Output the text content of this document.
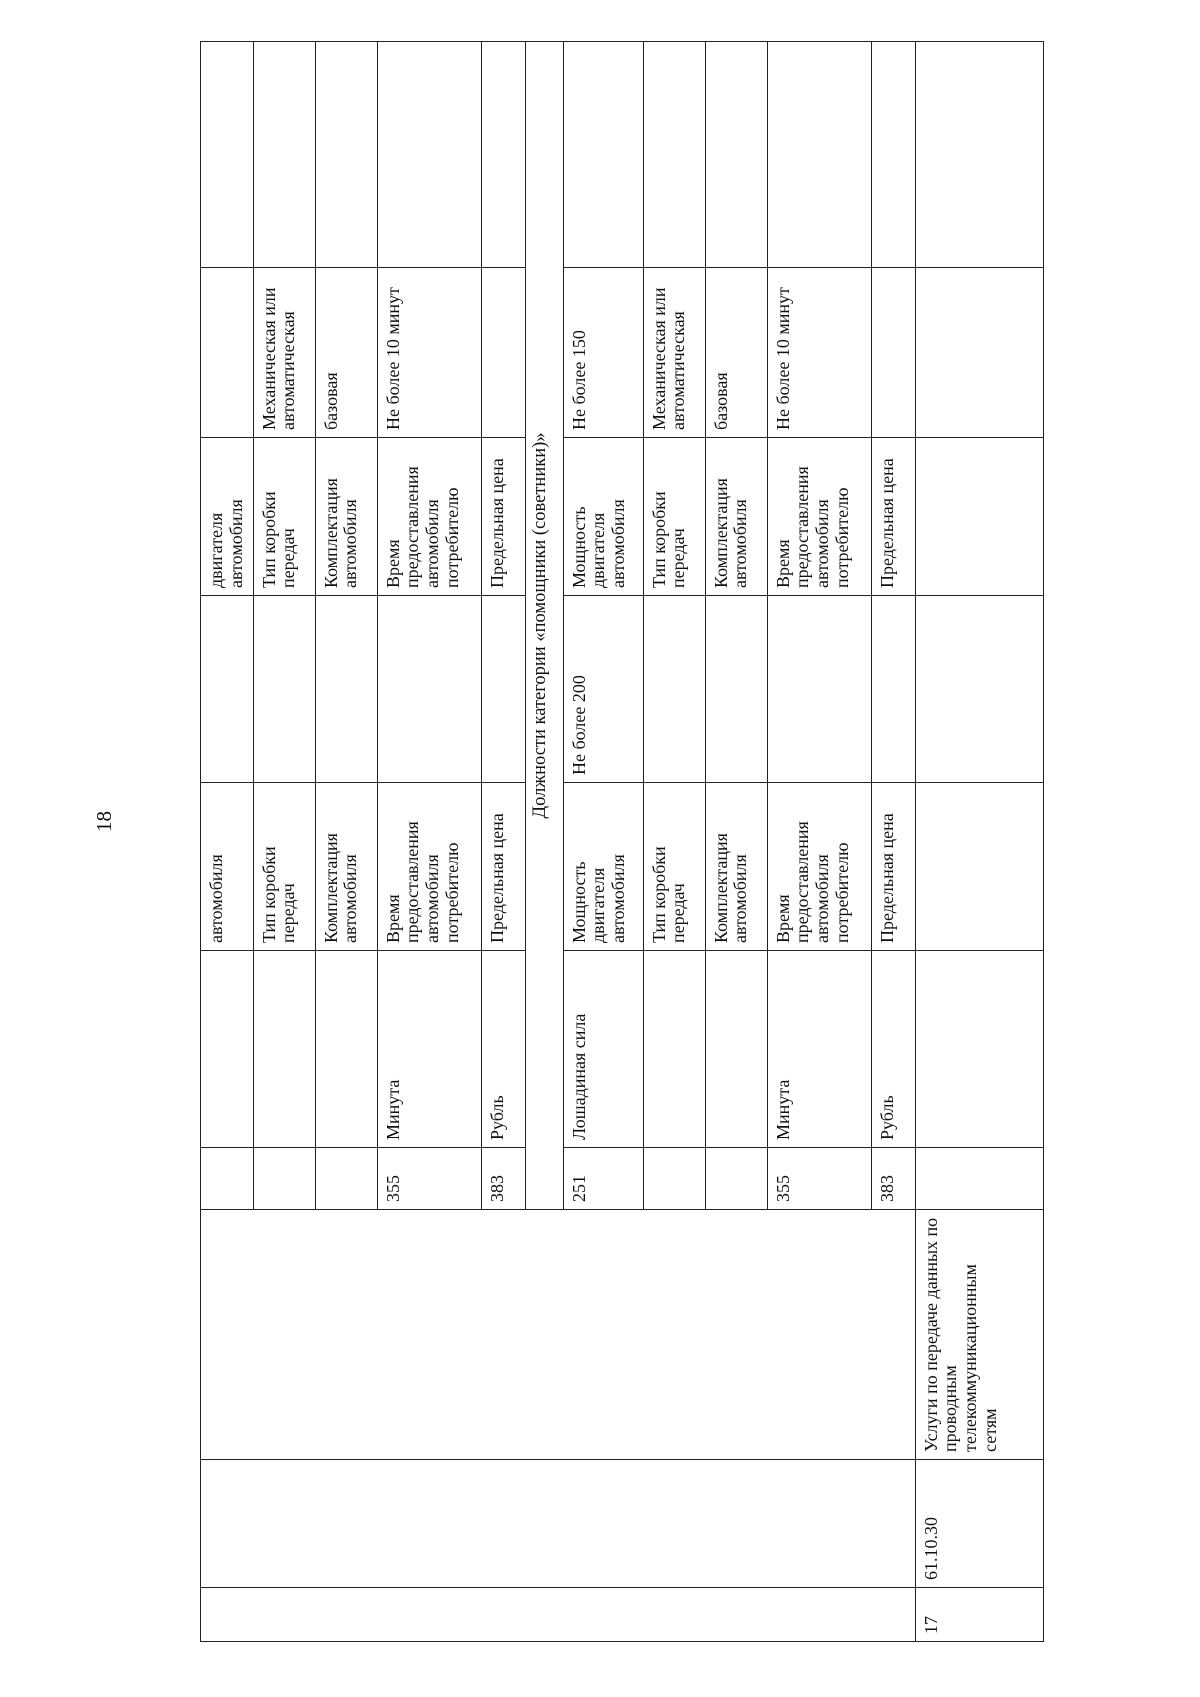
18
					автомобиля		двигателя автомобиля		
					Тип коробки передач		Тип коробки передач	Механическая или автоматическая	
					Комплектация автомобиля		Комплектация автомобиля	базовая	
			355	Минута	Время предоставления автомобиля потребителю		Время предоставления автомобиля потребителю	Не более 10 минут	
			383	Рубль	Предельная цена		Предельная цена		
			Должности категории «помощники (советники)»						
			251	Лошадиная сила	Мощность двигателя автомобиля	Не более 200	Мощность двигателя автомобиля	Не более 150	
					Тип коробки передач		Тип коробки передач	Механическая или автоматическая	
					Комплектация автомобиля		Комплектация автомобиля	базовая	
			355	Минута	Время предоставления автомобиля потребителю		Время предоставления автомобиля потребителю	Не более 10 минут	
			383	Рубль	Предельная цена		Предельная цена		
17	61.10.30	Услуги по передаче данных по проводным телекоммуникационным сетям							
